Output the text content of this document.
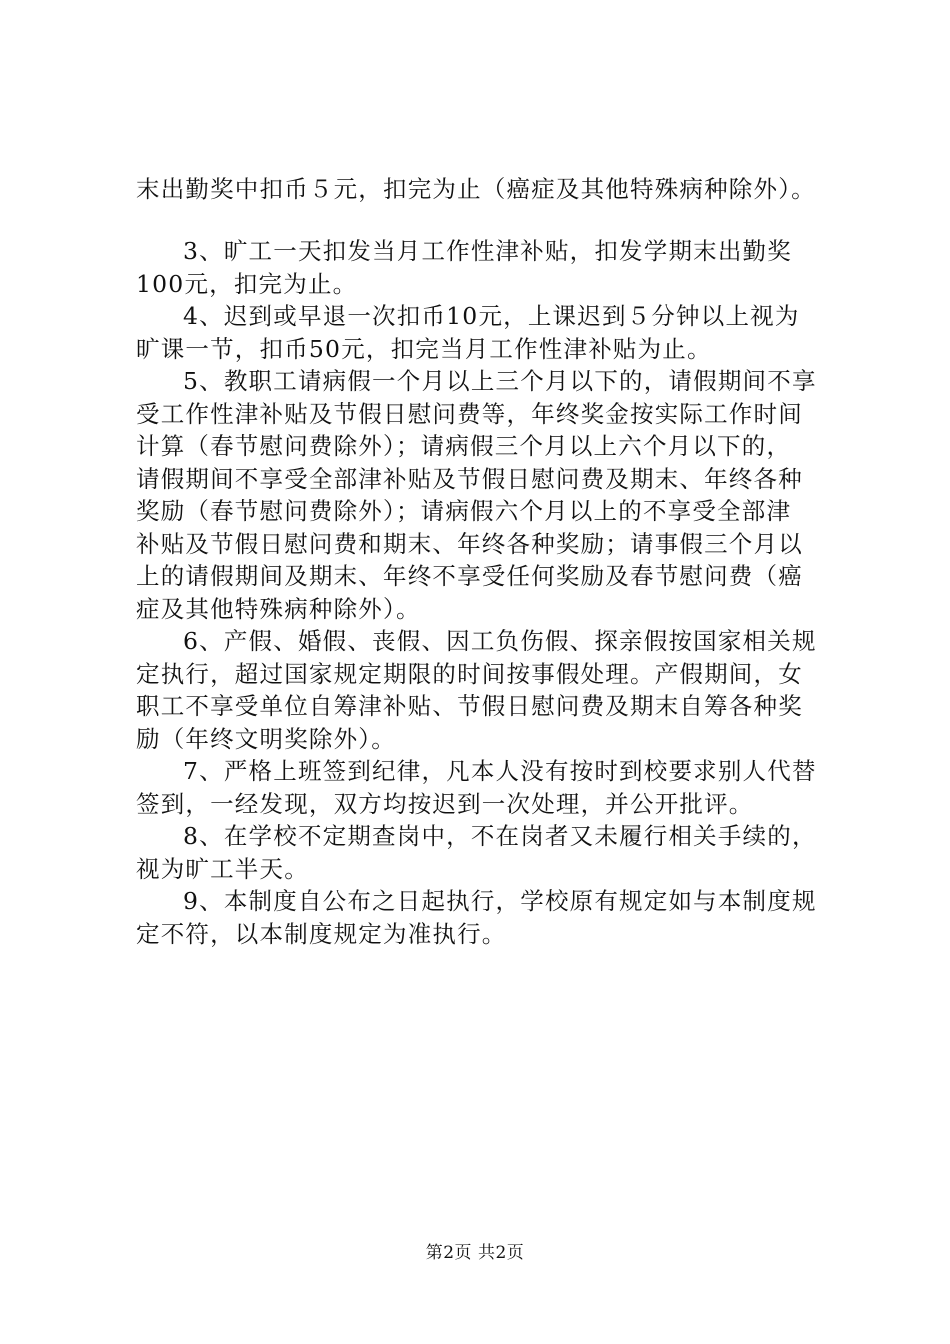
末出勤奖中扣币５元，扣完为止（癌症及其他特殊病种除外）。

3、旷工一天扣发当月工作性津补贴，扣发学期末出勤奖
100元，扣完为止。

4、迟到或早退一次扣币10元，上课迟到５分钟以上视为
旷课一节，扣币50元，扣完当月工作性津补贴为止。

5、教职工请病假一个月以上三个月以下的，请假期间不享
受工作性津补贴及节假日慰问费等，年终奖金按实际工作时间
计算（春节慰问费除外）；请病假三个月以上六个月以下的，
请假期间不享受全部津补贴及节假日慰问费及期末、年终各种
奖励（春节慰问费除外）；请病假六个月以上的不享受全部津
补贴及节假日慰问费和期末、年终各种奖励；请事假三个月以
上的请假期间及期末、年终不享受任何奖励及春节慰问费（癌
症及其他特殊病种除外）。

6、产假、婚假、丧假、因工负伤假、探亲假按国家相关规
定执行，超过国家规定期限的时间按事假处理。产假期间，女
职工不享受单位自筹津补贴、节假日慰问费及期末自筹各种奖
励（年终文明奖除外）。

7、严格上班签到纪律，凡本人没有按时到校要求别人代替
签到，一经发现，双方均按迟到一次处理，并公开批评。

8、在学校不定期查岗中，不在岗者又未履行相关手续的，
视为旷工半天。

9、本制度自公布之日起执行，学校原有规定如与本制度规
定不符，以本制度规定为准执行。

第2页 共2页
